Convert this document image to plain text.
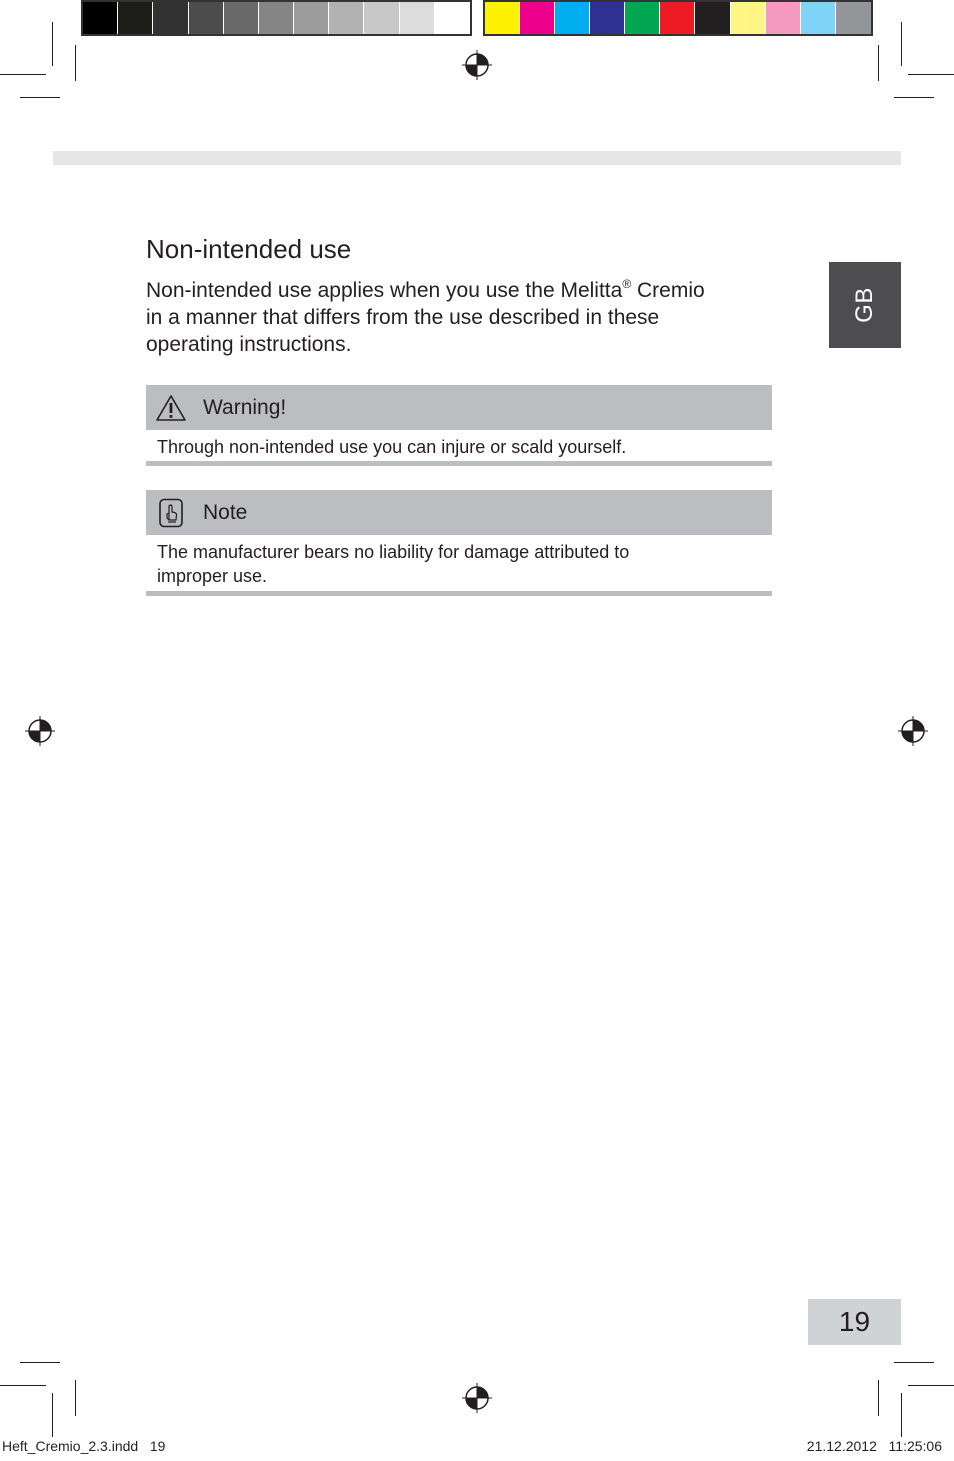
GB
Non-intended use
Non-intended use applies when you use the Melitta® Cremio
in a manner that differs from the use described in these
operating instructions.
Warning!
Through non-intended use you can injure or scald yourself.
Note
The manufacturer bears no liability for damage attributed to
improper use.
19
Heft_Cremio_2.3.indd   19	21.12.2012   11:25:06
